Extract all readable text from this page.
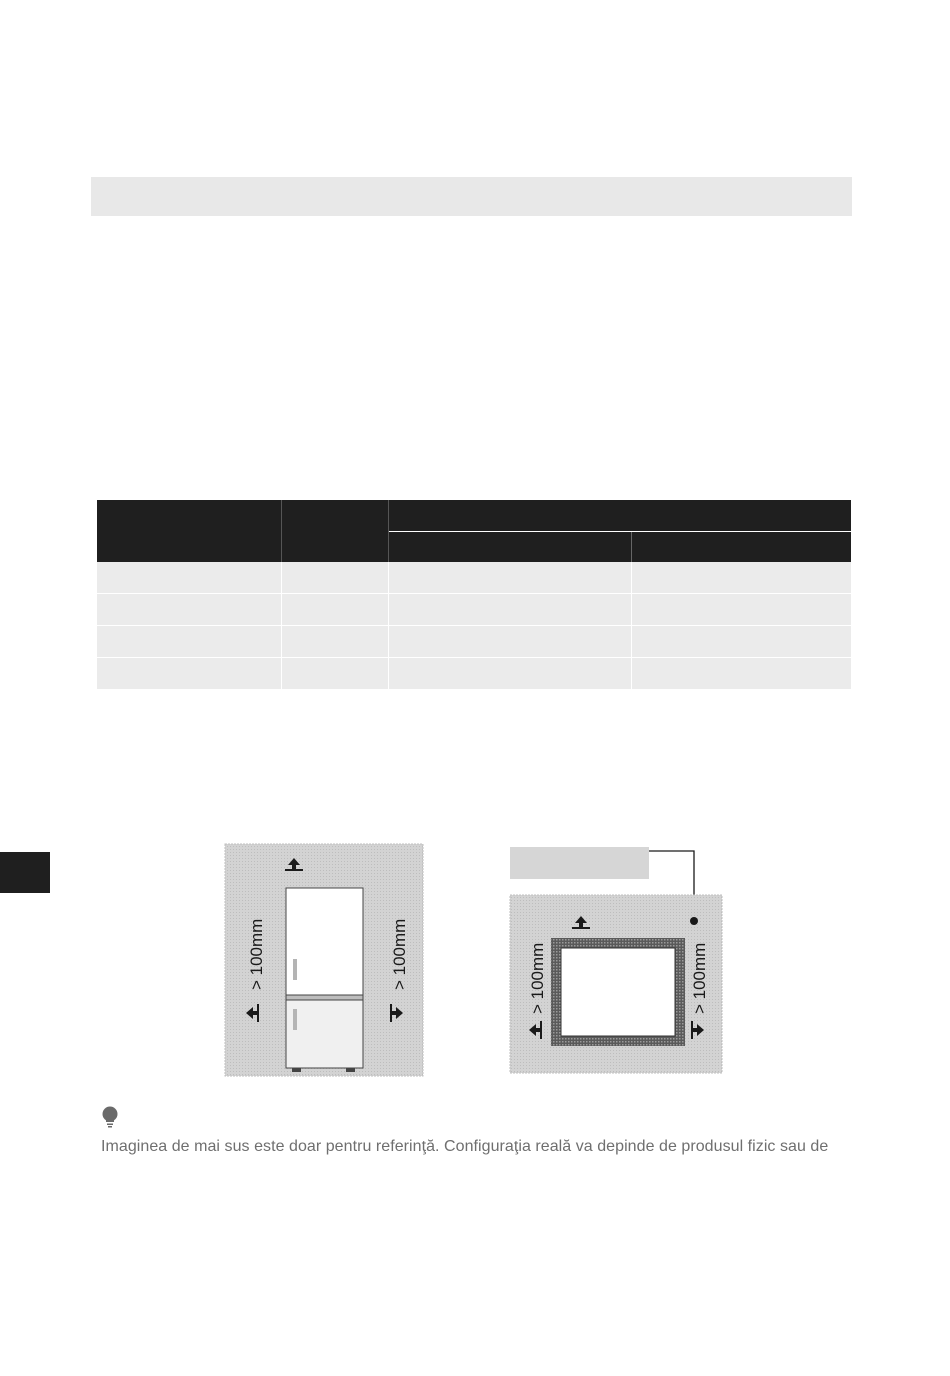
> 100mm	> 100mm	> 100mm	> 100mm
Imaginea de mai sus este doar pentru referinţă. Configuraţia reală va depinde de produsul fizic sau de
